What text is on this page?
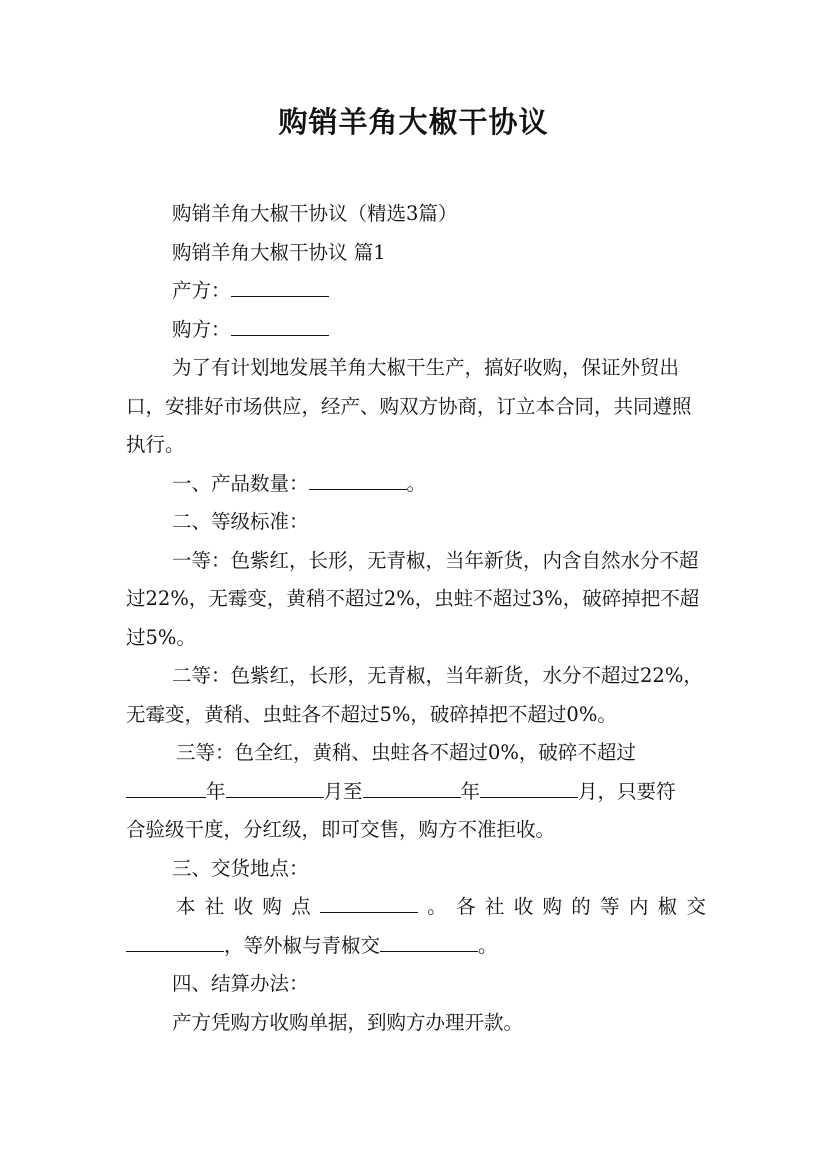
购销羊角大椒干协议

购销羊角大椒干协议（精选3篇）

购销羊角大椒干协议 篇1

产方：

购方：

为了有计划地发展羊角大椒干生产，搞好收购，保证外贸出口，安排好市场供应，经产、购双方协商，订立本合同，共同遵照执行。

一、产品数量：	。

二、等级标准：

一等：色紫红，长形，无青椒，当年新货，内含自然水分不超过22%，无霉变，黄稍不超过2%，虫蛀不超过3%，破碎掉把不超过5%。

二等：色紫红，长形，无青椒，当年新货，水分不超过22%，无霉变，黄稍、虫蛀各不超过5%，破碎掉把不超过0%。

三等：色全红，黄稍、虫蛀各不超过0%，破碎不超过

年	月至	年	月，只要符

合验级干度，分红级，即可交售，购方不准拒收。

三、交货地点：

本社收购点	。各社收购的等内椒交

，等外椒与青椒交	。

四、结算办法：

产方凭购方收购单据，到购方办理开款。
